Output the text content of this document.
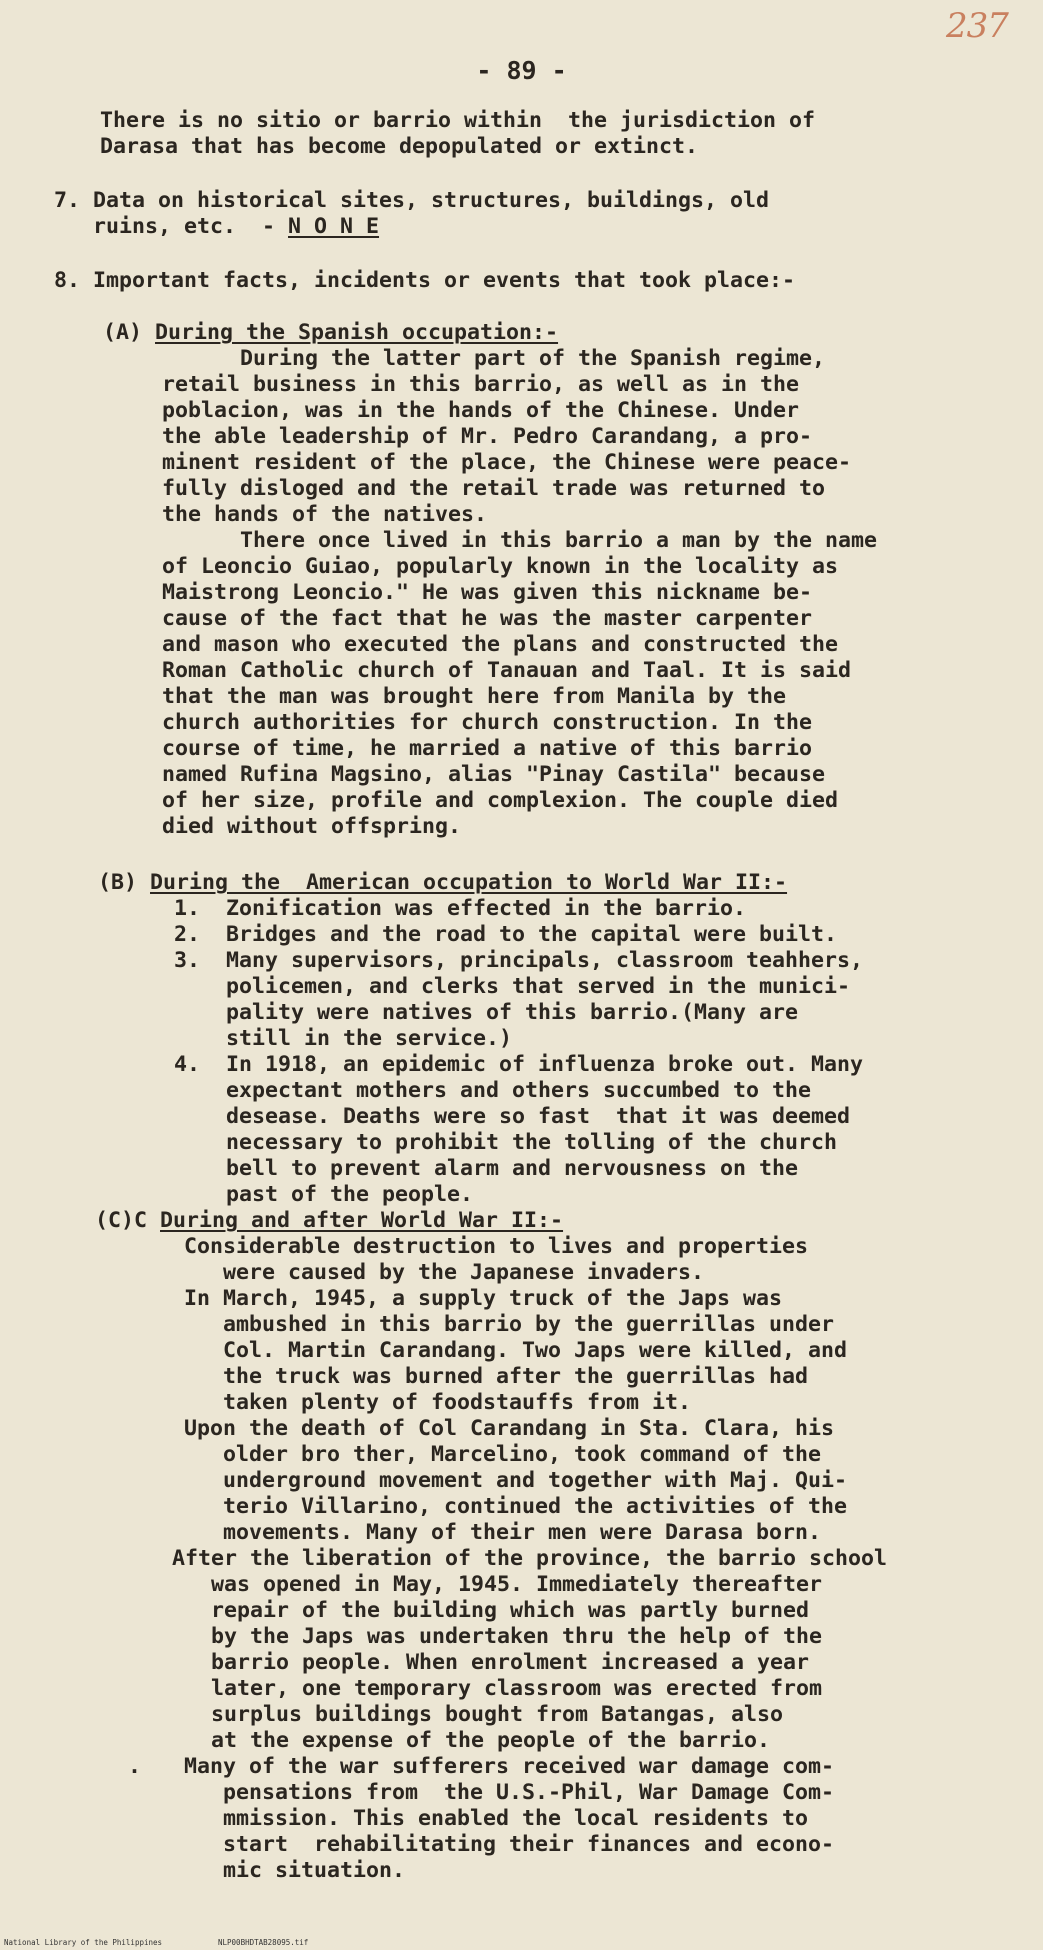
237
- 89 -
There is no sitio or barrio within  the jurisdiction of
Darasa that has become depopulated or extinct.
7. Data on historical sites, structures, buildings, old
ruins, etc.  - N O N E
8. Important facts, incidents or events that took place:-
(A) During the Spanish occupation:-
During the latter part of the Spanish regime,
retail business in this barrio, as well as in the
poblacion, was in the hands of the Chinese. Under
the able leadership of Mr. Pedro Carandang, a pro-
minent resident of the place, the Chinese were peace-
fully disloged and the retail trade was returned to
the hands of the natives.
There once lived in this barrio a man by the name
of Leoncio Guiao, popularly known in the locality as
Maistrong Leoncio." He was given this nickname be-
cause of the fact that he was the master carpenter
and mason who executed the plans and constructed the
Roman Catholic church of Tanauan and Taal. It is said
that the man was brought here from Manila by the
church authorities for church construction. In the
course of time, he married a native of this barrio
named Rufina Magsino, alias "Pinay Castila" because
of her size, profile and complexion. The couple died
died without offspring.
(B) During the  American occupation to World War II:-
1.  Zonification was effected in the barrio.
2.  Bridges and the road to the capital were built.
3.  Many supervisors, principals, classroom teahhers,
policemen, and clerks that served in the munici-
pality were natives of this barrio.(Many are
still in the service.)
4.  In 1918, an epidemic of influenza broke out. Many
expectant mothers and others succumbed to the
desease. Deaths were so fast  that it was deemed
necessary to prohibit the tolling of the church
bell to prevent alarm and nervousness on the
past of the people.
(C)C During and after World War II:-
Considerable destruction to lives and properties
were caused by the Japanese invaders.
In March, 1945, a supply truck of the Japs was
ambushed in this barrio by the guerrillas under
Col. Martin Carandang. Two Japs were killed, and
the truck was burned after the guerrillas had
taken plenty of foodstauffs from it.
Upon the death of Col Carandang in Sta. Clara, his
older bro ther, Marcelino, took command of the
underground movement and together with Maj. Qui-
terio Villarino, continued the activities of the
movements. Many of their men were Darasa born.
After the liberation of the province, the barrio school
was opened in May, 1945. Immediately thereafter
repair of the building which was partly burned
by the Japs was undertaken thru the help of the
barrio people. When enrolment increased a year
later, one temporary classroom was erected from
surplus buildings bought from Batangas, also
at the expense of the people of the barrio.
. Many of the war sufferers received war damage com-
pensations from  the U.S.-Phil, War Damage Com-
mmission. This enabled the local residents to
start  rehabilitating their finances and econo-
mic situation.
National Library of the Philippines	NLP00BHDTAB28095.tif
